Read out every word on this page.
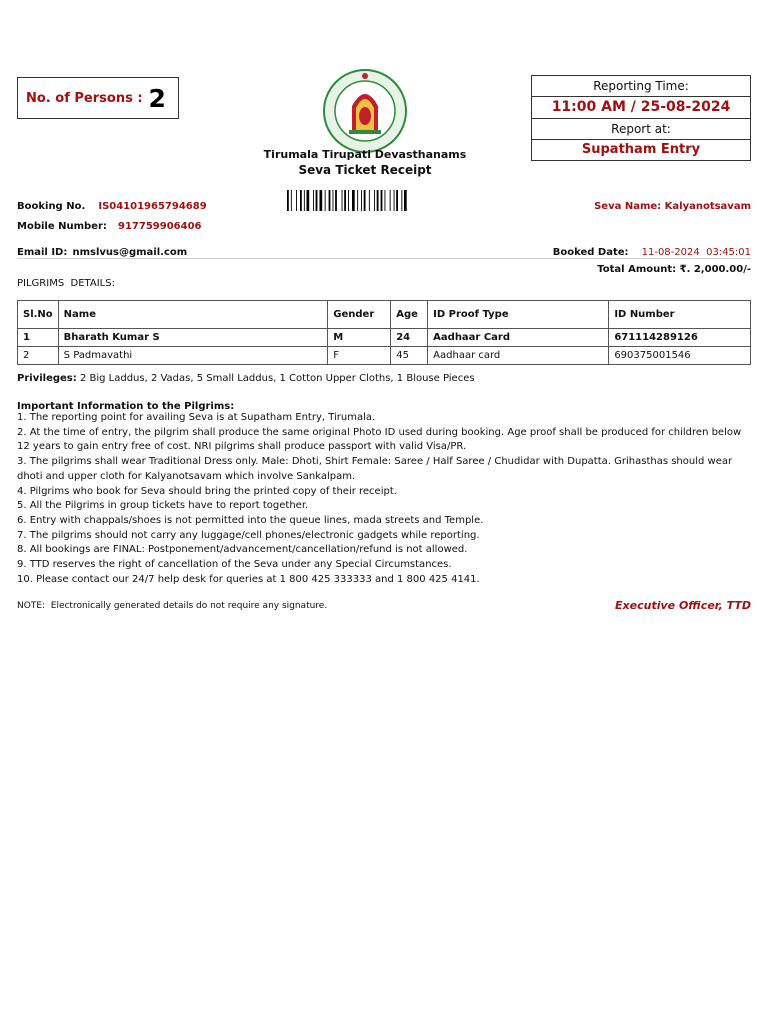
No. of Persons : 2
Tirumala Tirupati Devasthanams
Seva Ticket Receipt
Reporting Time:
11:00 AM / 25-08-2024
Report at:
Supatham Entry
Booking No. IS04101965794689
Mobile Number: 917759906406
Seva Name: Kalyanotsavam
Email ID: nmslvus@gmail.com	Booked Date: 11-08-2024  03:45:01
Total Amount: ₹. 2,000.00/-
PILGRIMS  DETAILS:
Sl.No	Name	Gender	Age	ID Proof Type	ID Number
1	Bharath Kumar S	M	24	Aadhaar Card	671114289126
2	S Padmavathi	F	45	Aadhaar card	690375001546
Privileges: 2 Big Laddus, 2 Vadas, 5 Small Laddus, 1 Cotton Upper Cloths, 1 Blouse Pieces
Important Information to the Pilgrims:

1. The reporting point for availing Seva is at Supatham Entry, Tirumala.

2. At the time of entry, the pilgrim shall produce the same original Photo ID used during booking. Age proof shall be produced for children below 12 years to gain entry free of cost. NRI pilgrims shall produce passport with valid Visa/PR.

3. The pilgrims shall wear Traditional Dress only. Male: Dhoti, Shirt Female: Saree / Half Saree / Chudidar with Dupatta. Grihasthas should wear dhoti and upper cloth for Kalyanotsavam which involve Sankalpam.

4. Pilgrims who book for Seva should bring the printed copy of their receipt.

5. All the Pilgrims in group tickets have to report together.

6. Entry with chappals/shoes is not permitted into the queue lines, mada streets and Temple.

7. The pilgrims should not carry any luggage/cell phones/electronic gadgets while reporting.

8. All bookings are FINAL: Postponement/advancement/cancellation/refund is not allowed.

9. TTD reserves the right of cancellation of the Seva under any Special Circumstances.

10. Please contact our 24/7 help desk for queries at 1 800 425 333333 and 1 800 425 4141.

NOTE:  Electronically generated details do not require any signature.	Executive Officer, TTD
